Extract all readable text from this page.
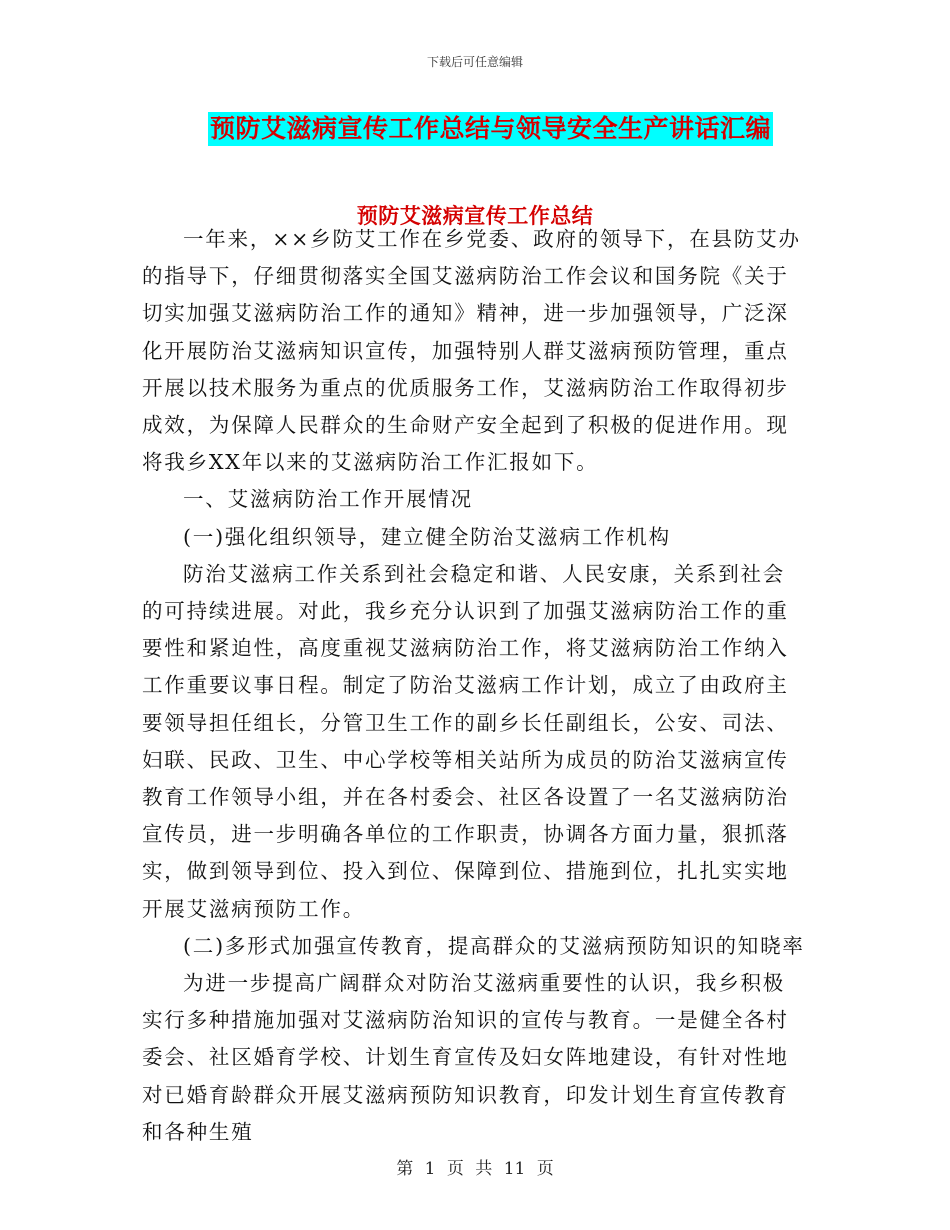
下载后可任意编辑
预防艾滋病宣传工作总结与领导安全生产讲话汇编
预防艾滋病宣传工作总结

一年来，××乡防艾工作在乡党委、政府的领导下，在县防艾办的指导下，仔细贯彻落实全国艾滋病防治工作会议和国务院《关于切实加强艾滋病防治工作的通知》精神，进一步加强领导，广泛深化开展防治艾滋病知识宣传，加强特别人群艾滋病预防管理，重点开展以技术服务为重点的优质服务工作，艾滋病防治工作取得初步成效，为保障人民群众的生命财产安全起到了积极的促进作用。现将我乡XX年以来的艾滋病防治工作汇报如下。

一、艾滋病防治工作开展情况

(一)强化组织领导，建立健全防治艾滋病工作机构

防治艾滋病工作关系到社会稳定和谐、人民安康，关系到社会的可持续进展。对此，我乡充分认识到了加强艾滋病防治工作的重要性和紧迫性，高度重视艾滋病防治工作，将艾滋病防治工作纳入工作重要议事日程。制定了防治艾滋病工作计划，成立了由政府主要领导担任组长，分管卫生工作的副乡长任副组长，公安、司法、妇联、民政、卫生、中心学校等相关站所为成员的防治艾滋病宣传教育工作领导小组，并在各村委会、社区各设置了一名艾滋病防治宣传员，进一步明确各单位的工作职责，协调各方面力量，狠抓落实，做到领导到位、投入到位、保障到位、措施到位，扎扎实实地开展艾滋病预防工作。

(二)多形式加强宣传教育，提高群众的艾滋病预防知识的知晓率

为进一步提高广阔群众对防治艾滋病重要性的认识，我乡积极实行多种措施加强对艾滋病防治知识的宣传与教育。一是健全各村委会、社区婚育学校、计划生育宣传及妇女阵地建设，有针对性地对已婚育龄群众开展艾滋病预防知识教育，印发计划生育宣传教育和各种生殖

第 1 页 共 11 页
